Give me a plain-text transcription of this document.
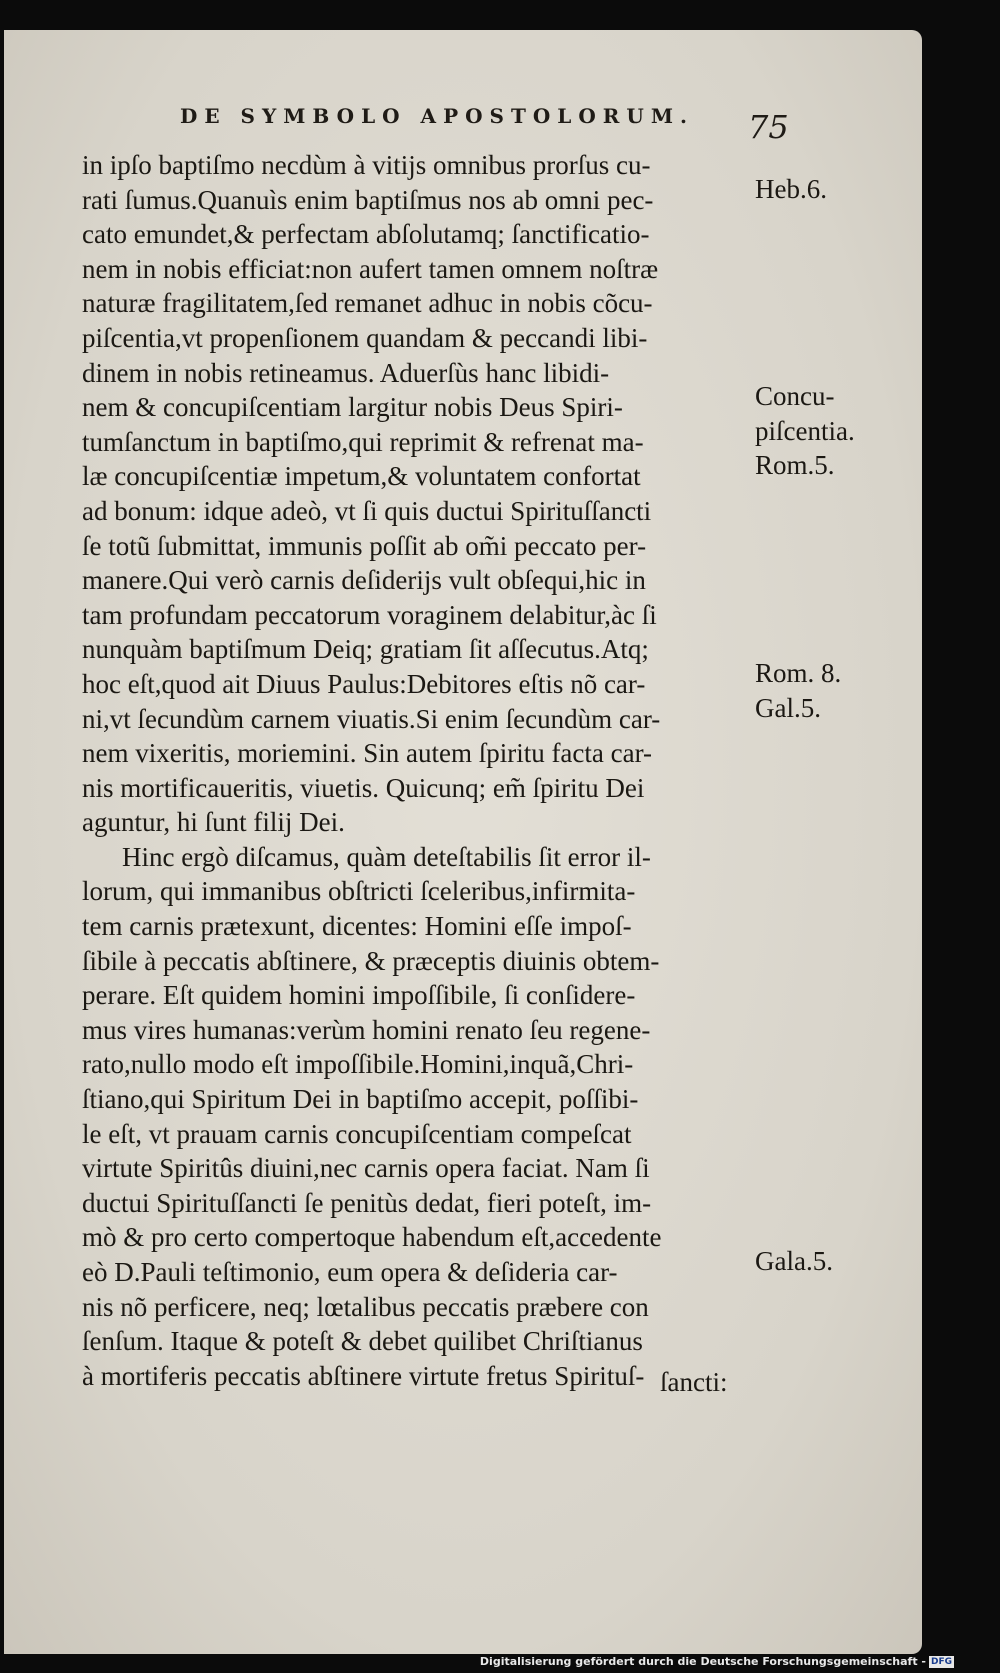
DE SYMBOLO APOSTOLORUM. 75
in ipſo baptiſmo necdùm à vitijs omnibus prorſus cu-
rati ſumus.Quanuìs enim baptiſmus nos ab omni pec-
cato emundet,& perfectam abſolutamq; ſanctificatio-
nem in nobis efficiat:non aufert tamen omnem noſtræ
naturæ fragilitatem,ſed remanet adhuc in nobis cõcu-
piſcentia,vt propenſionem quandam & peccandi libi-
dinem in nobis retineamus. Aduerſùs hanc libidi-
nem & concupiſcentiam largitur nobis Deus Spiri-
tumſanctum in baptiſmo,qui reprimit & refrenat ma-
læ concupiſcentiæ impetum,& voluntatem confortat
ad bonum: idque adeò, vt ſi quis ductui Spirituſſancti
ſe totũ ſubmittat, immunis poſſit ab om̃i peccato per-
manere.Qui verò carnis deſiderijs vult obſequi,hic in
tam profundam peccatorum voraginem delabitur,àc ſi
nunquàm baptiſmum Deiq; gratiam ſit aſſecutus.Atq;
hoc eſt,quod ait Diuus Paulus:Debitores eſtis nõ car-
ni,vt ſecundùm carnem viuatis.Si enim ſecundùm car-
nem vixeritis, moriemini. Sin autem ſpiritu facta car-
nis mortificaueritis, viuetis. Quicunq; em̃ ſpiritu Dei
aguntur, hi ſunt filij Dei.
Hinc ergò diſcamus, quàm deteſtabilis ſit error il-
lorum, qui immanibus obſtricti ſceleribus,infirmita-
tem carnis prætexunt, dicentes: Homini eſſe impoſ-
ſibile à peccatis abſtinere, & præceptis diuinis obtem-
perare. Eſt quidem homini impoſſibile, ſi conſidere-
mus vires humanas:verùm homini renato ſeu regene-
rato,nullo modo eſt impoſſibile.Homini,inquã,Chri-
ſtiano,qui Spiritum Dei in baptiſmo accepit, poſſibi-
le eſt, vt prauam carnis concupiſcentiam compeſcat
virtute Spiritûs diuini,nec carnis opera faciat. Nam ſi
ductui Spirituſſancti ſe penitùs dedat, fieri poteſt, im-
mò & pro certo compertoque habendum eſt,accedente
eò D.Pauli teſtimonio, eum opera & deſideria car-
nis nõ perficere, neq; lœtalibus peccatis præbere con
ſenſum. Itaque & poteſt & debet quilibet Chriſtianus
à mortiferis peccatis abſtinere virtute fretus Spirituſ- ſancti:
Heb.6.
Concu-
piſcentia.
Rom.5.
Rom. 8.
Gal.5.
Gala.5.
Digitalisierung gefördert durch die Deutsche Forschungsgemeinschaft - DFG
